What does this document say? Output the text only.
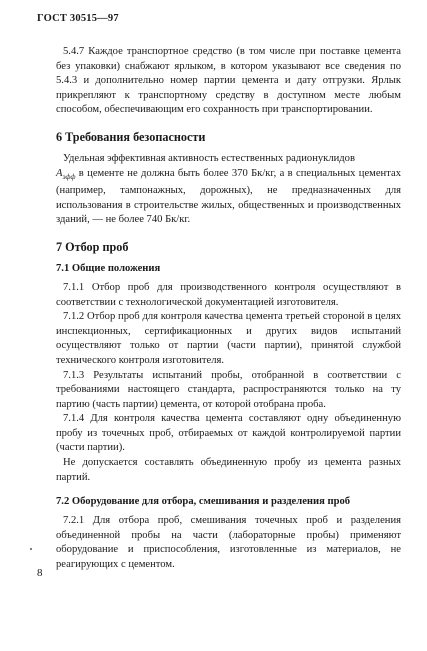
ГОСТ 30515—97

5.4.7 Каждое транспортное средство (в том числе при поставке цемента без упаковки) снабжают ярлыком, в котором указывают все сведения по 5.4.3 и дополнительно номер партии цемента и дату отгрузки. Ярлык прикрепляют к транспортному средству в доступном месте любым способом, обеспечивающим его сохранность при транспортировании.

6 Требования безопасности

Удельная эффективная активность естественных радионуклидов
$А_{эфф}$ в цементе не должна быть более 370 Бк/кг, а в специальных цементах (например, тампонажных, дорожных), не предназначенных для использования в строительстве жилых, общественных и производственных зданий, — не более 740 Бк/кг.

7 Отбор проб
7.1 Общие положения

7.1.1 Отбор проб для производственного контроля осуществляют в соответствии с технологической документацией изготовителя.

7.1.2 Отбор проб для контроля качества цемента третьей стороной в целях инспекционных, сертификационных и других видов испытаний осуществляют только от партии (части партии), принятой службой технического контроля изготовителя.

7.1.3 Результаты испытаний пробы, отобранной в соответствии с требованиями настоящего стандарта, распространяются только на ту партию (часть партии) цемента, от которой отобрана проба.

7.1.4 Для контроля качества цемента составляют одну объединенную пробу из точечных проб, отбираемых от каждой контролируемой партии (части партии).

Не допускается составлять объединенную пробу из цемента разных партий.

7.2 Оборудование для отбора, смешивания и разделения проб

7.2.1 Для отбора проб, смешивания точечных проб и разделения объединенной пробы на части (лабораторные пробы) применяют оборудование и приспособления, изготовленные из материалов, не реагирующих с цементом.

8
